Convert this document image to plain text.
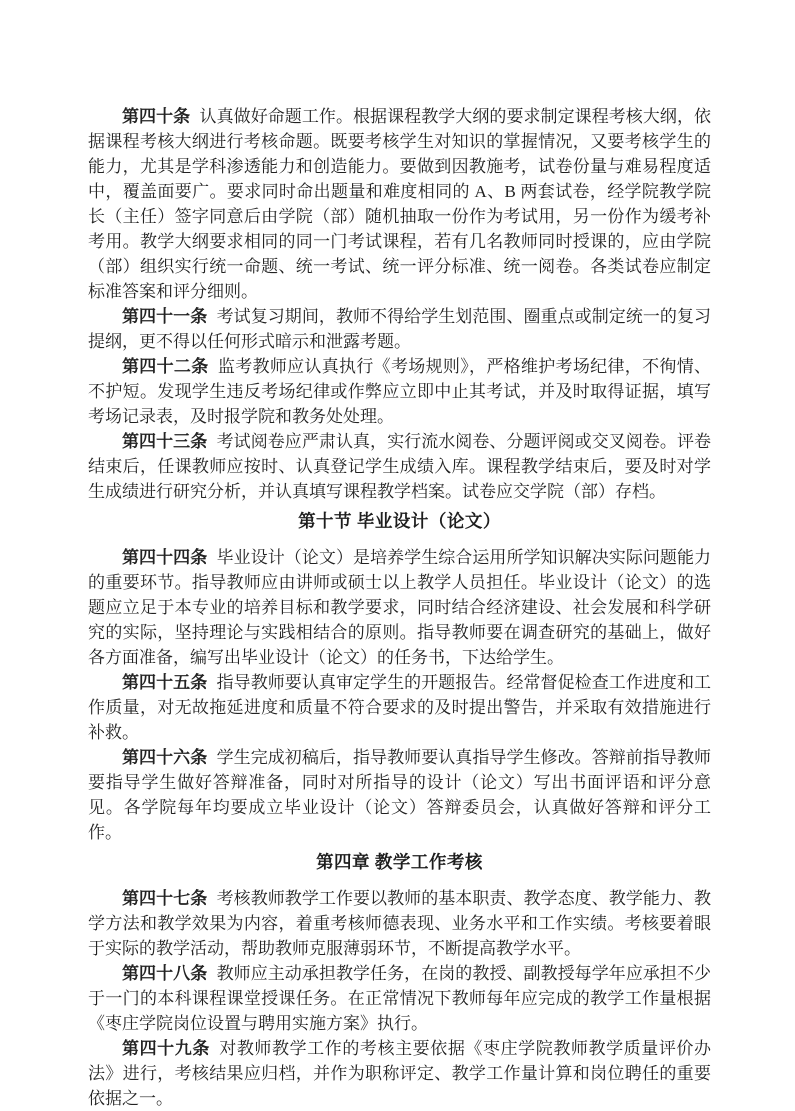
第四十条 认真做好命题工作。根据课程教学大纲的要求制定课程考核大纲，依据课程考核大纲进行考核命题。既要考核学生对知识的掌握情况，又要考核学生的能力，尤其是学科渗透能力和创造能力。要做到因教施考，试卷份量与难易程度适中，覆盖面要广。要求同时命出题量和难度相同的 A、B 两套试卷，经学院教学院长（主任）签字同意后由学院（部）随机抽取一份作为考试用，另一份作为缓考补考用。教学大纲要求相同的同一门考试课程，若有几名教师同时授课的，应由学院（部）组织实行统一命题、统一考试、统一评分标准、统一阅卷。各类试卷应制定标准答案和评分细则。

第四十一条 考试复习期间，教师不得给学生划范围、圈重点或制定统一的复习提纲，更不得以任何形式暗示和泄露考题。

第四十二条 监考教师应认真执行《考场规则》，严格维护考场纪律，不徇情、不护短。发现学生违反考场纪律或作弊应立即中止其考试，并及时取得证据，填写考场记录表，及时报学院和教务处处理。

第四十三条 考试阅卷应严肃认真，实行流水阅卷、分题评阅或交叉阅卷。评卷结束后，任课教师应按时、认真登记学生成绩入库。课程教学结束后，要及时对学生成绩进行研究分析，并认真填写课程教学档案。试卷应交学院（部）存档。

第十节 毕业设计（论文）

第四十四条 毕业设计（论文）是培养学生综合运用所学知识解决实际问题能力的重要环节。指导教师应由讲师或硕士以上教学人员担任。毕业设计（论文）的选题应立足于本专业的培养目标和教学要求，同时结合经济建设、社会发展和科学研究的实际，坚持理论与实践相结合的原则。指导教师要在调查研究的基础上，做好各方面准备，编写出毕业设计（论文）的任务书，下达给学生。

第四十五条 指导教师要认真审定学生的开题报告。经常督促检查工作进度和工作质量，对无故拖延进度和质量不符合要求的及时提出警告，并采取有效措施进行补救。

第四十六条 学生完成初稿后，指导教师要认真指导学生修改。答辩前指导教师要指导学生做好答辩准备，同时对所指导的设计（论文）写出书面评语和评分意见。各学院每年均要成立毕业设计（论文）答辩委员会，认真做好答辩和评分工作。

第四章 教学工作考核

第四十七条 考核教师教学工作要以教师的基本职责、教学态度、教学能力、教学方法和教学效果为内容，着重考核师德表现、业务水平和工作实绩。考核要着眼于实际的教学活动，帮助教师克服薄弱环节，不断提高教学水平。

第四十八条 教师应主动承担教学任务，在岗的教授、副教授每学年应承担不少于一门的本科课程课堂授课任务。在正常情况下教师每年应完成的教学工作量根据《枣庄学院岗位设置与聘用实施方案》执行。

第四十九条 对教师教学工作的考核主要依据《枣庄学院教师教学质量评价办法》进行，考核结果应归档，并作为职称评定、教学工作量计算和岗位聘任的重要依据之一。
